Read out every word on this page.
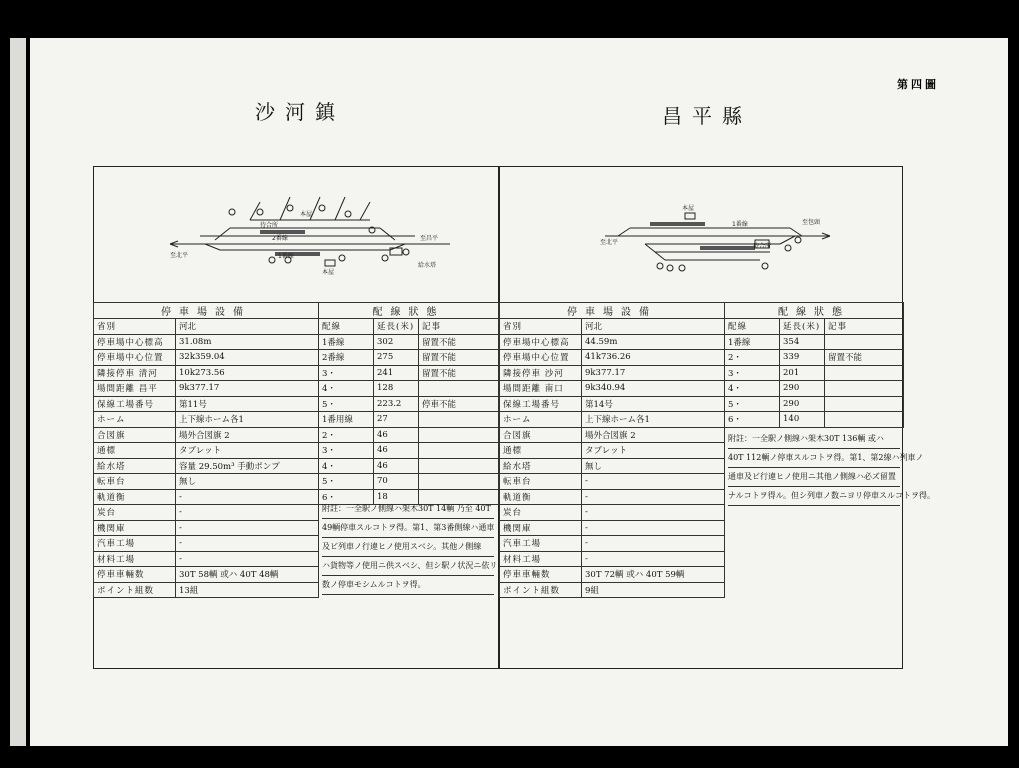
沙河鎮	昌平縣
第四圖
待合所
2番線
1番線
本屋
給水塔
至昌平
至北平
本屋
本屋
1番線
待合所
至包頭
至北平
停車場設備	
省別	河北
停車場中心標高	31.08m
停車場中心位置	32k359.04
隣接停車 清河	10k273.56
場間距離 昌平	9k377.17
保線工場番号	第11号
ホーム	上下線ホーム各1
合図旗	場外合図旗 2
通標	タブレット
給水塔	容量 29.50m³ 手動ポンプ
転車台	無し
軌道衡	-
炭台	-
機関庫	-
汽車工場	-
材料工場	-
停車車輛数	30T 58輌 或ハ 40T 48輌
ポイント組数	13組
配線狀態		
配線	延長(米)	記事
1番線	302	留置不能
2番線	275	留置不能
3・	241	留置不能
4・	128	
5・	223.2	停車不能
1番用線	27	
2・	46	
3・	46	
4・	46	
5・	70	
6・	18	
附註：一全駅ノ側線ハ架木30T 14輌 乃至 40T
49輌停車スルコトヲ得。第1、第3番側線ハ通車
及ビ列車ノ行違ヒノ使用スベシ。其他ノ側線
ハ貨物等ノ使用ニ供スベシ、但シ駅ノ状況ニ依リ
数ノ停車モシムルコトヲ得。
停車場設備	
省別	河北
停車場中心標高	44.59m
停車場中心位置	41k736.26
隣接停車 沙河	9k377.17
場間距離 南口	9k340.94
保線工場番号	第14号
ホーム	上下線ホーム各1
合図旗	場外合図旗 2
通標	タブレット
給水塔	無し
転車台	-
軌道衡	-
炭台	-
機関庫	-
汽車工場	-
材料工場	-
停車車輛数	30T 72輌 或ハ 40T 59輌
ポイント組数	9組
配線狀態		
配線	延長(米)	記事
1番線	354	
2・	339	留置不能
3・	201	
4・	290	
5・	290	
6・	140	
附註：一全駅ノ側線ハ架木30T 136輌 或ハ
40T 112輌ノ停車スルコトヲ得。第1、第2線ハ列車ノ
通車及ビ行違ヒノ使用ニ其他ノ側線ハ必ズ留置
ナルコトヲ得ル。但シ列車ノ数ニヨリ停車スルコトヲ得。
